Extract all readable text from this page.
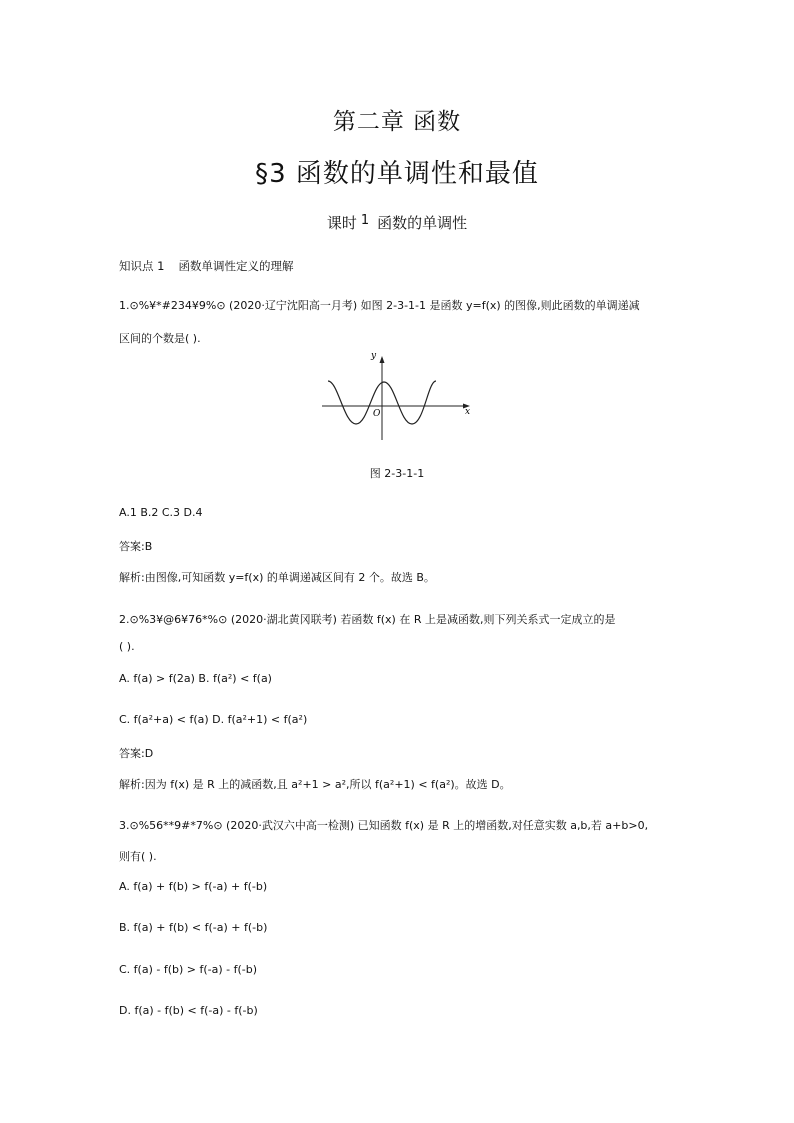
第二章 函数
§3 函数的单调性和最值
课时 1 函数的单调性
知识点 1 函数单调性定义的理解
1.⊙%¥*#234¥9%⊙ (2020·辽宁沈阳高一月考) 如图 2-3-1-1 是函数 y=f(x) 的图像,则此函数的单调递减
区间的个数是( ).
y
x
O
图 2-3-1-1
A.1 B.2 C.3 D.4
答案:B
解析:由图像,可知函数 y=f(x) 的单调递减区间有 2 个。故选 B。
2.⊙%3¥@6¥76*%⊙ (2020·湖北黄冈联考) 若函数 f(x) 在 R 上是减函数,则下列关系式一定成立的是
( ).
A. f(a) > f(2a) B. f(a²) < f(a)
C. f(a²+a) < f(a) D. f(a²+1) < f(a²)
答案:D
解析:因为 f(x) 是 R 上的减函数,且 a²+1 > a²,所以 f(a²+1) < f(a²)。故选 D。
3.⊙%56**9#*7%⊙ (2020·武汉六中高一检测) 已知函数 f(x) 是 R 上的增函数,对任意实数 a,b,若 a+b>0,
则有( ).
A. f(a) + f(b) > f(-a) + f(-b)
B. f(a) + f(b) < f(-a) + f(-b)
C. f(a) - f(b) > f(-a) - f(-b)
D. f(a) - f(b) < f(-a) - f(-b)
